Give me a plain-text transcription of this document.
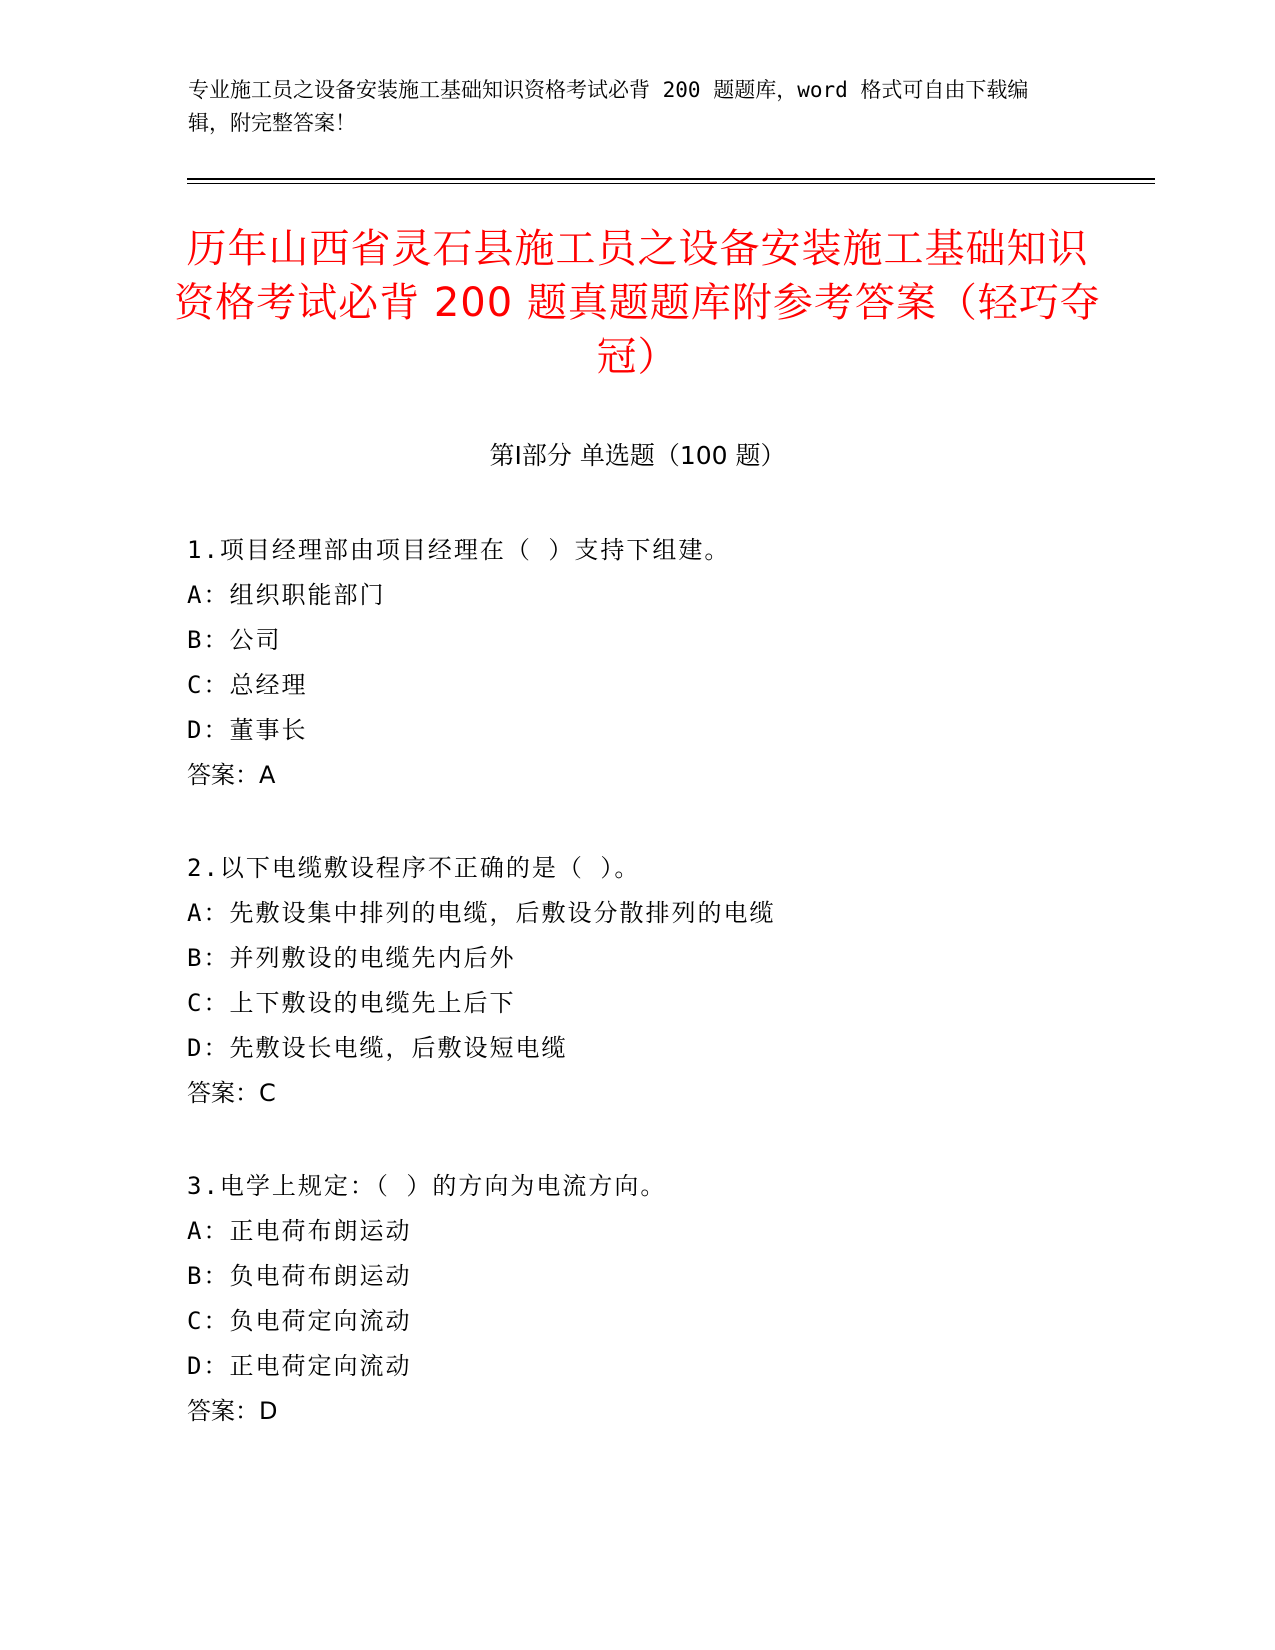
专业施工员之设备安装施工基础知识资格考试必背 200 题题库，word 格式可自由下载编辑，附完整答案！
历年山西省灵石县施工员之设备安装施工基础知识资格考试必背 200 题真题题库附参考答案（轻巧夺冠）
第Ⅰ部分 单选题（100 题）
1.项目经理部由项目经理在（ ）支持下组建。
A：组织职能部门
B：公司
C：总经理
D：董事长
答案：A
2.以下电缆敷设程序不正确的是（ ）。
A：先敷设集中排列的电缆，后敷设分散排列的电缆
B：并列敷设的电缆先内后外
C：上下敷设的电缆先上后下
D：先敷设长电缆，后敷设短电缆
答案：C
3.电学上规定：（ ）的方向为电流方向。
A：正电荷布朗运动
B：负电荷布朗运动
C：负电荷定向流动
D：正电荷定向流动
答案：D
